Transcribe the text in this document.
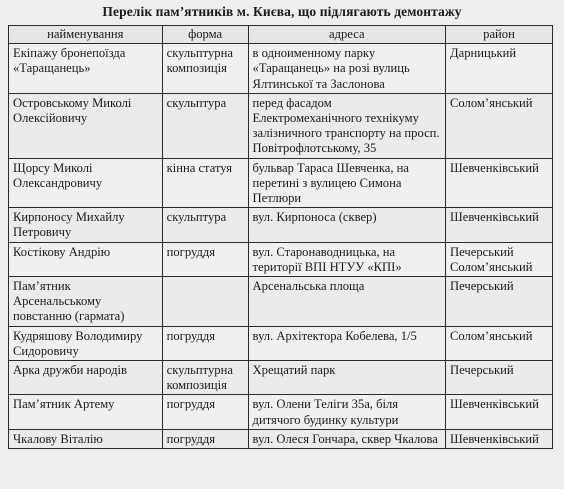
Перелік пам’ятників м. Києва, що підлягають демонтажу
найменування	форма	адреса	район
Екіпажу бронепоїзда «Таращанець»	скульптурна композиція	в одноименному парку «Таращанець» на розі вулиць Ялтинської та Заслонова	Дарницький
Островському Миколі Олексійовичу	скульптура	перед фасадом Електромеханічного технікуму залізничного транспорту на просп. Повітрофлотському, 35	Солом’янський
Щорсу Миколі Олександровичу	кінна статуя	бульвар Тараса Шевченка, на перетині з вулицею Симона Петлюри	Шевченківський
Кирпоносу Михайлу Петровичу	скульптура	вул. Кирпоноса (сквер)	Шевченківський
Костікову Андрію	погруддя	вул. Старонаводницька, на території ВПІ НТУУ «КПІ»	Печерський Солом’янський
Пам’ятник Арсенальському повстанню (гармата)		Арсенальська площа	Печерський
Кудряшову Володимиру Сидоровичу	погруддя	вул. Архітектора Кобелева, 1/5	Солом’янський
Арка дружби народів	скульптурна композиція	Хрещатий парк	Печерський
Пам’ятник Артему	погруддя	вул. Олени Теліги 35а, біля дитячого будинку культури	Шевченківський
Чкалову Віталію	погруддя	вул. Олеся Гончара, сквер Чкалова	Шевченківський
